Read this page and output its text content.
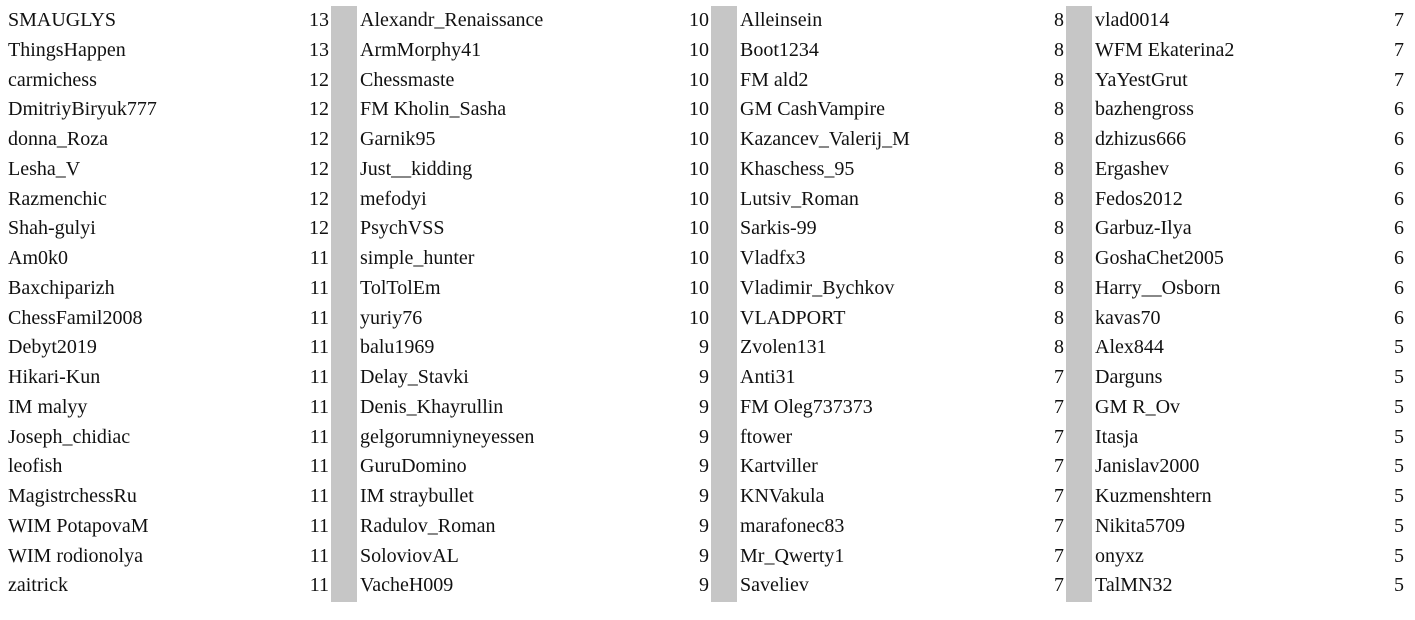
SMAUGLYS	13
ThingsHappen	13
carmichess	12
DmitriyBiryuk777	12
donna_Roza	12
Lesha_V	12
Razmenchic	12
Shah-gulyi	12
Am0k0	11
Baxchiparizh	11
ChessFamil2008	11
Debyt2019	11
Hikari-Kun	11
IM malyy	11
Joseph_chidiac	11
leofish	11
MagistrchessRu	11
WIM PotapovaM	11
WIM rodionolya	11
zaitrick	11
Alexandr_Renaissance	10
ArmMorphy41	10
Chessmaste	10
FM Kholin_Sasha	10
Garnik95	10
Just__kidding	10
mefodyi	10
PsychVSS	10
simple_hunter	10
TolTolEm	10
yuriy76	10
balu1969	9
Delay_Stavki	9
Denis_Khayrullin	9
gelgorumniyneyessen	9
GuruDomino	9
IM straybullet	9
Radulov_Roman	9
SoloviovAL	9
VacheH009	9
Alleinsein	8
Boot1234	8
FM ald2	8
GM CashVampire	8
Kazancev_Valerij_M	8
Khaschess_95	8
Lutsiv_Roman	8
Sarkis-99	8
Vladfx3	8
Vladimir_Bychkov	8
VLADPORT	8
Zvolen131	8
Anti31	7
FM Oleg737373	7
ftower	7
Kartviller	7
KNVakula	7
marafonec83	7
Mr_Qwerty1	7
Saveliev	7
vlad0014	7
WFM Ekaterina2	7
YaYestGrut	7
bazhengross	6
dzhizus666	6
Ergashev	6
Fedos2012	6
Garbuz-Ilya	6
GoshaChet2005	6
Harry__Osborn	6
kavas70	6
Alex844	5
Darguns	5
GM R_Ov	5
Itasja	5
Janislav2000	5
Kuzmenshtern	5
Nikita5709	5
onyxz	5
TalMN32	5
